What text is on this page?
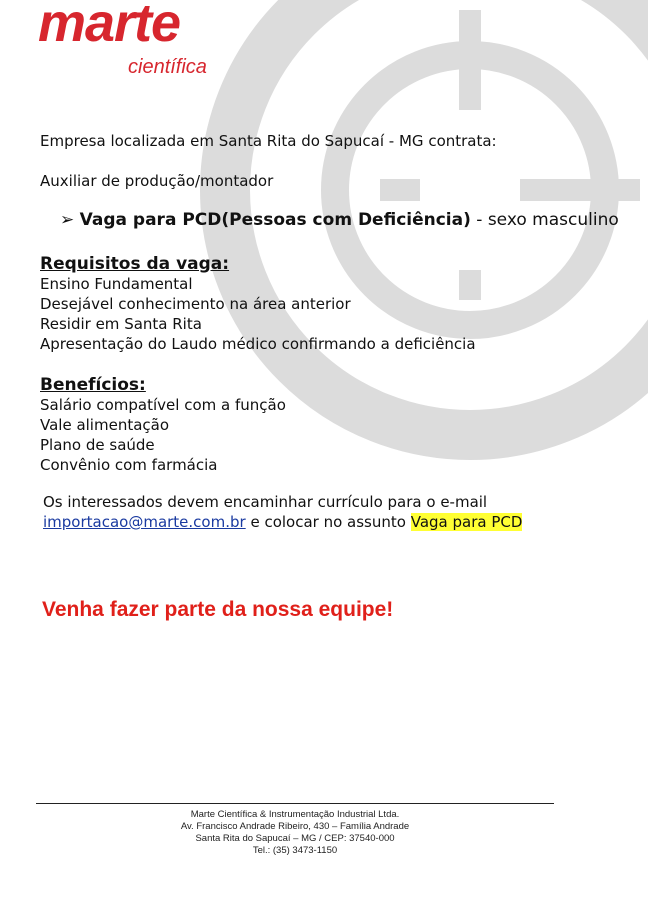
marte
científica
Empresa localizada em Santa Rita do Sapucaí - MG contrata:
Auxiliar de produção/montador
➢ Vaga para PCD(Pessoas com Deficiência) - sexo masculino
Requisitos da vaga:
Ensino Fundamental
Desejável conhecimento na área anterior
Residir em Santa Rita
Apresentação do Laudo médico confirmando a deficiência
Benefícios:
Salário compatível com a função
Vale alimentação
Plano de saúde
Convênio com farmácia
Os interessados devem encaminhar currículo para o e-mail
importacao@marte.com.br e colocar no assunto Vaga para PCD
Venha fazer parte da nossa equipe!
Marte Científica & Instrumentação Industrial Ltda.
Av. Francisco Andrade Ribeiro, 430 – Família Andrade
Santa Rita do Sapucaí – MG / CEP: 37540-000
Tel.: (35) 3473-1150
